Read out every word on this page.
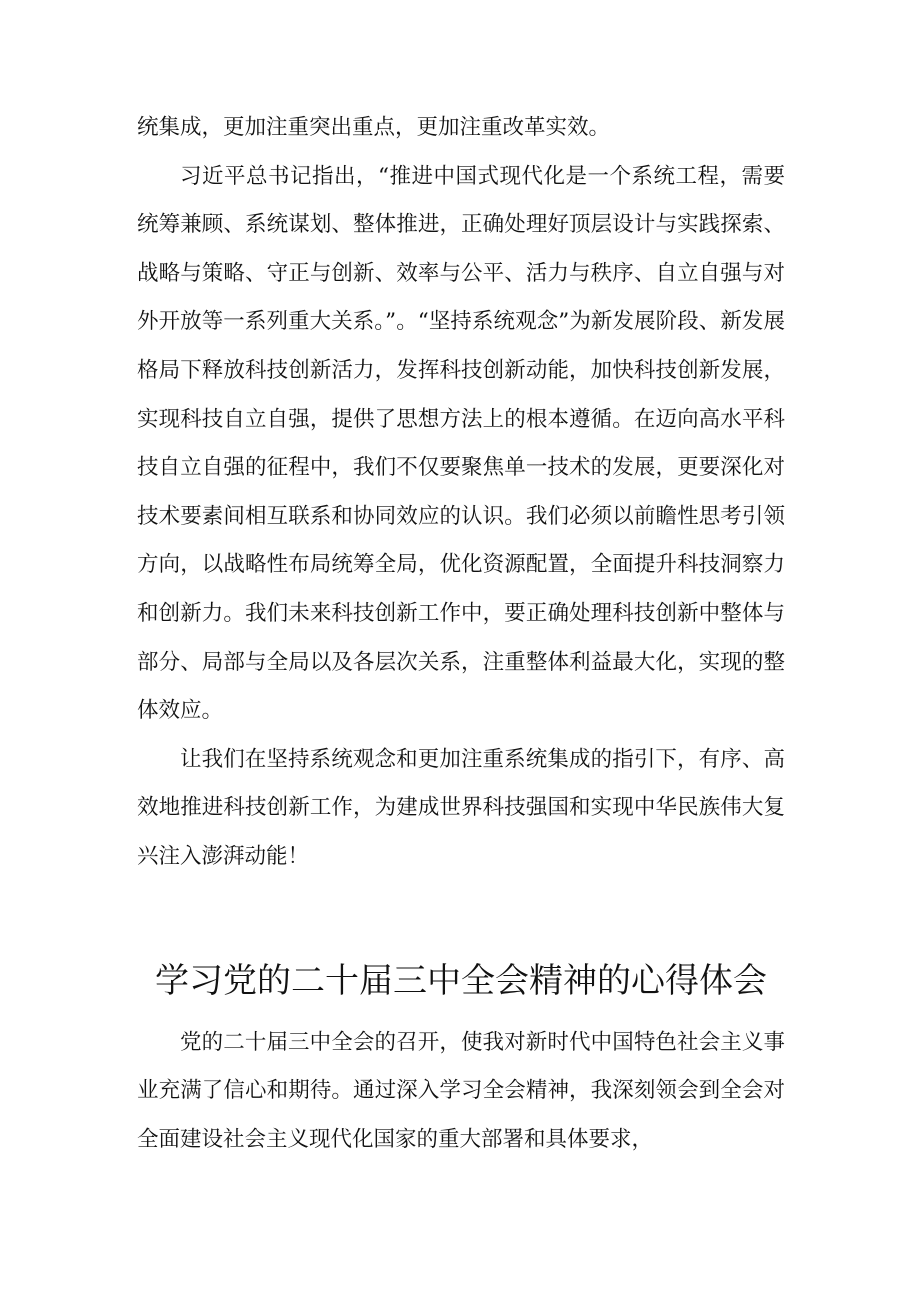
统集成，更加注重突出重点，更加注重改革实效。

习近平总书记指出，“推进中国式现代化是一个系统工程，需要统筹兼顾、系统谋划、整体推进，正确处理好顶层设计与实践探索、战略与策略、守正与创新、效率与公平、活力与秩序、自立自强与对外开放等一系列重大关系。”。“坚持系统观念”为新发展阶段、新发展格局下释放科技创新活力，发挥科技创新动能，加快科技创新发展，实现科技自立自强，提供了思想方法上的根本遵循。在迈向高水平科技自立自强的征程中，我们不仅要聚焦单一技术的发展，更要深化对技术要素间相互联系和协同效应的认识。我们必须以前瞻性思考引领方向，以战略性布局统筹全局，优化资源配置，全面提升科技洞察力和创新力。我们未来科技创新工作中，要正确处理科技创新中整体与部分、局部与全局以及各层次关系，注重整体利益最大化，实现的整体效应。

让我们在坚持系统观念和更加注重系统集成的指引下，有序、高效地推进科技创新工作，为建成世界科技强国和实现中华民族伟大复兴注入澎湃动能！

学习党的二十届三中全会精神的心得体会

党的二十届三中全会的召开，使我对新时代中国特色社会主义事业充满了信心和期待。通过深入学习全会精神，我深刻领会到全会对全面建设社会主义现代化国家的重大部署和具体要求，
